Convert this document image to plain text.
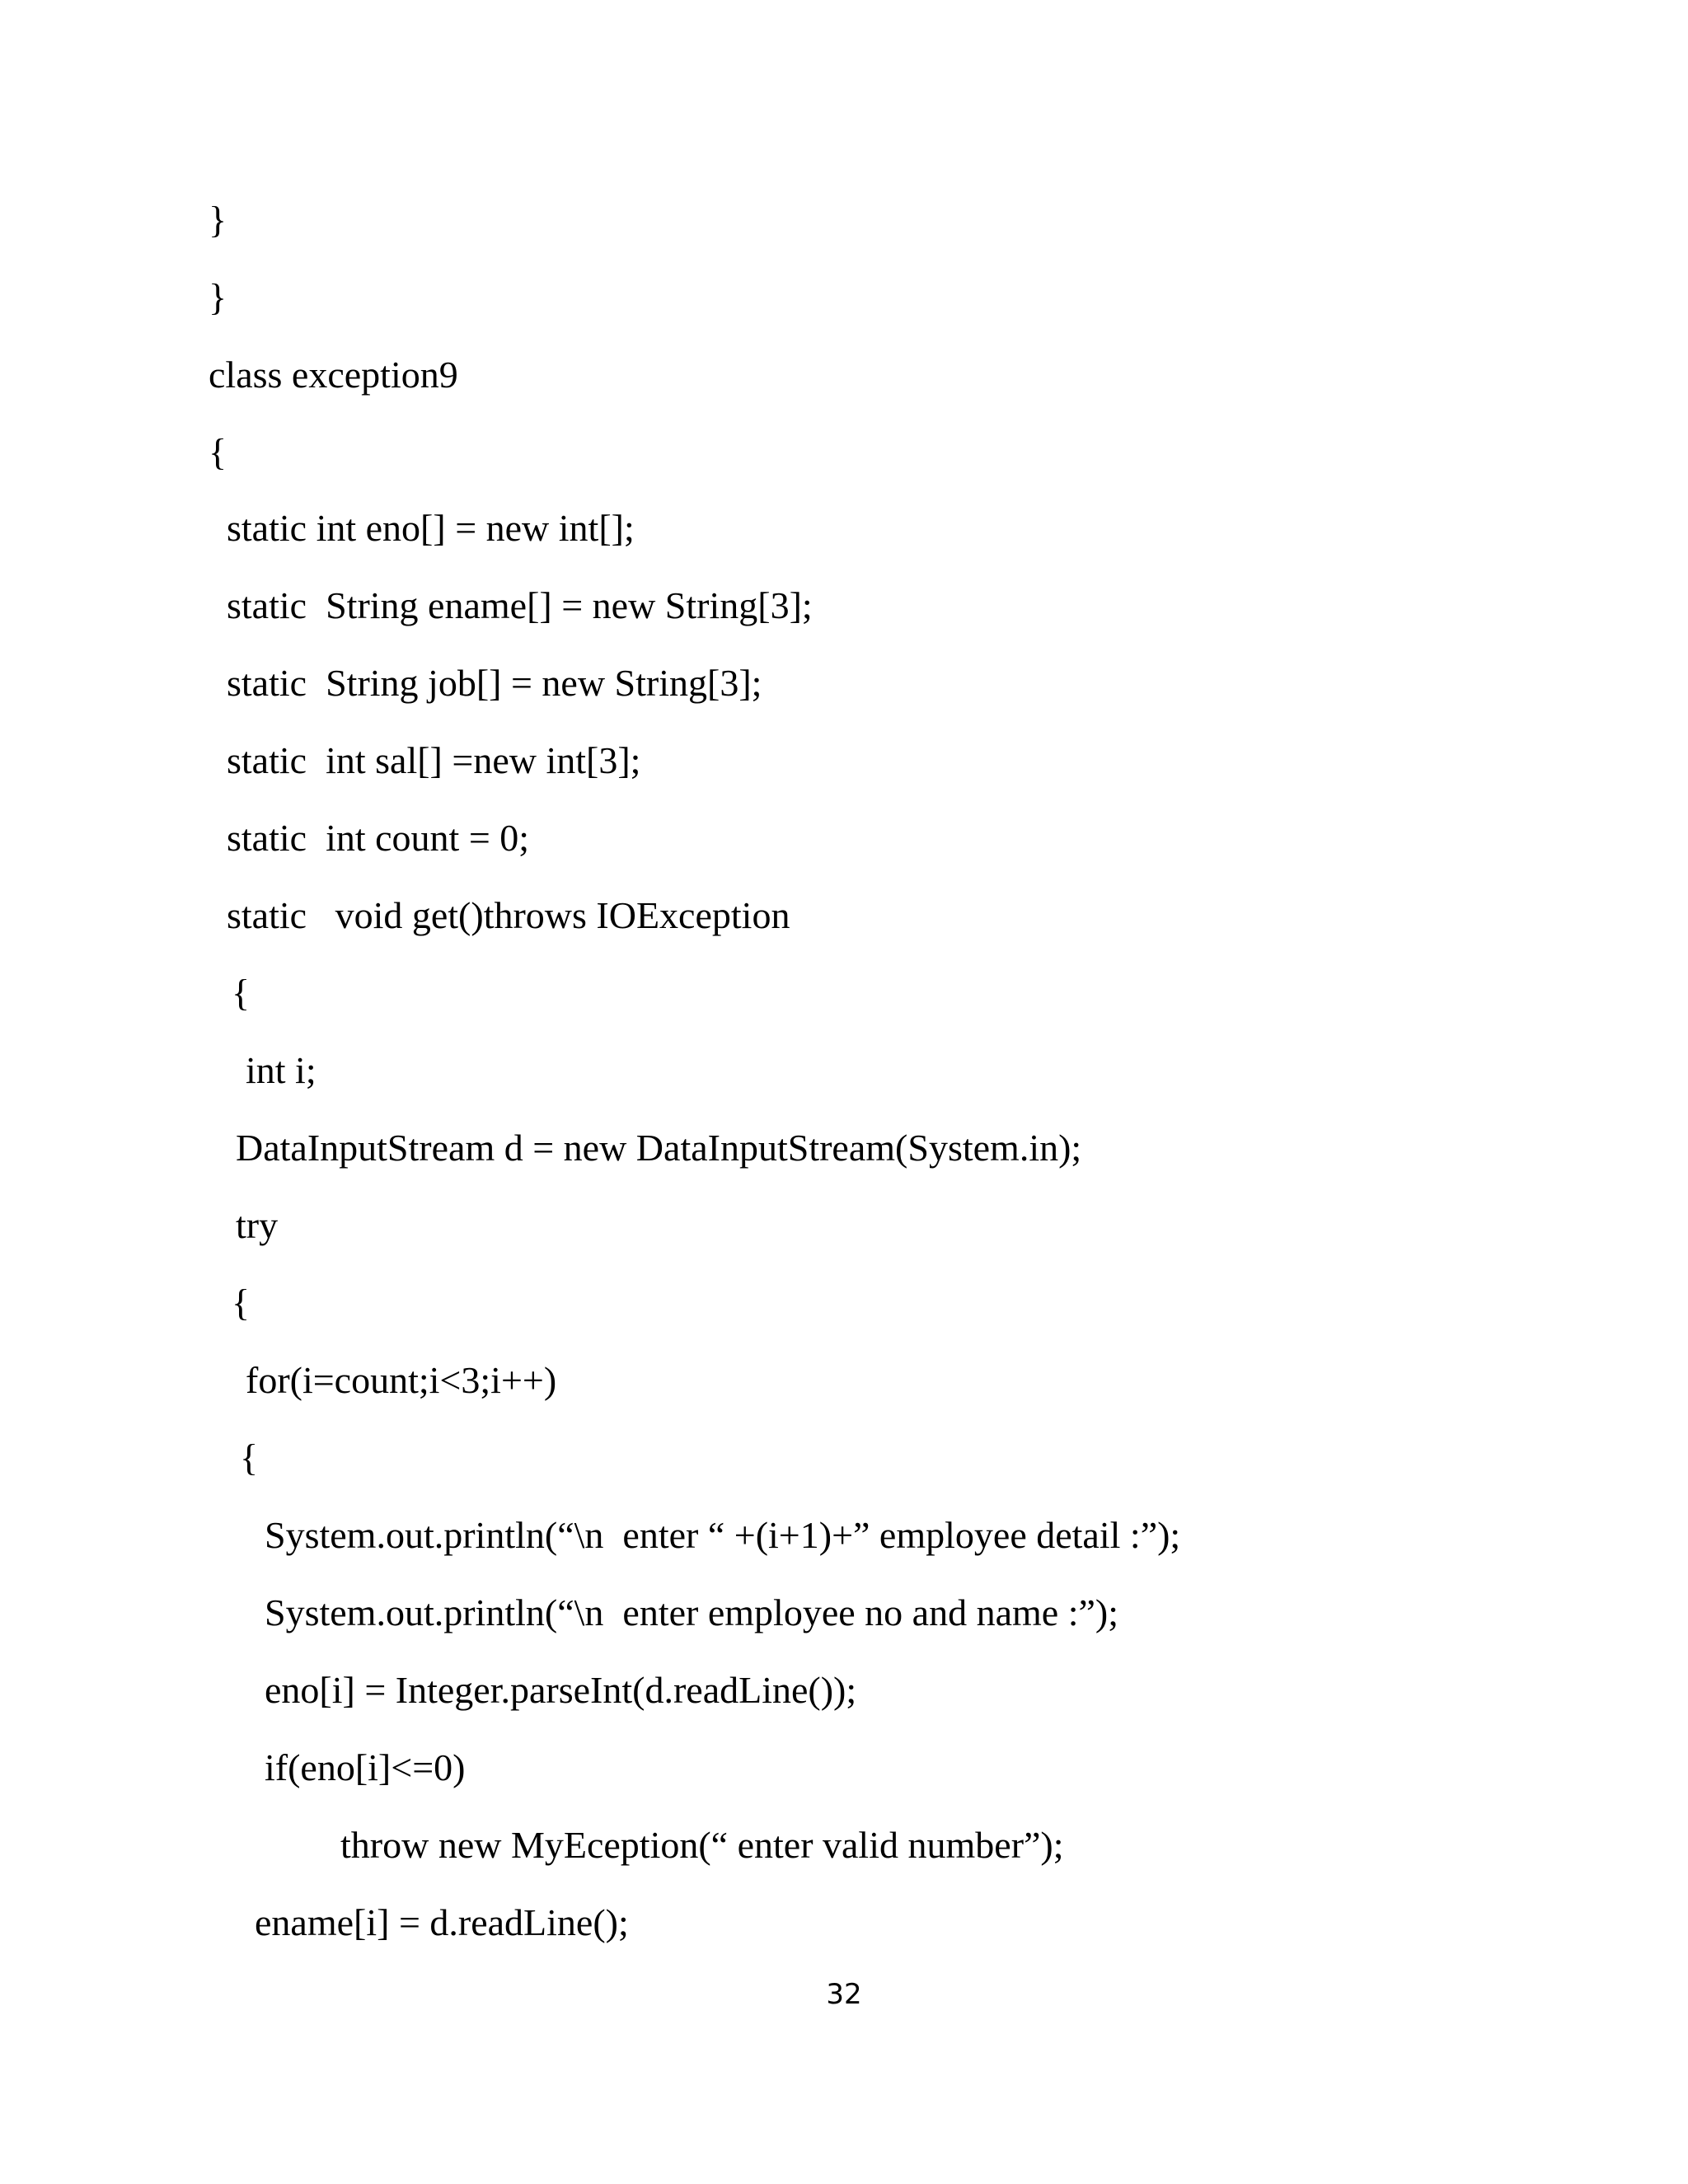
}

}

class exception9

{

static int eno[] = new int[];

static  String ename[] = new String[3];

static  String job[] = new String[3];

static  int sal[] =new int[3];

static  int count = 0;

static   void get()throws IOException

{

int i;

DataInputStream d = new DataInputStream(System.in);

try

{

for(i=count;i<3;i++)

{

System.out.println(“\n  enter “ +(i+1)+” employee detail :”);

System.out.println(“\n  enter employee no and name :”);

eno[i] = Integer.parseInt(d.readLine());

if(eno[i]<=0)

throw new MyEception(“ enter valid number”);

ename[i] = d.readLine();

32
